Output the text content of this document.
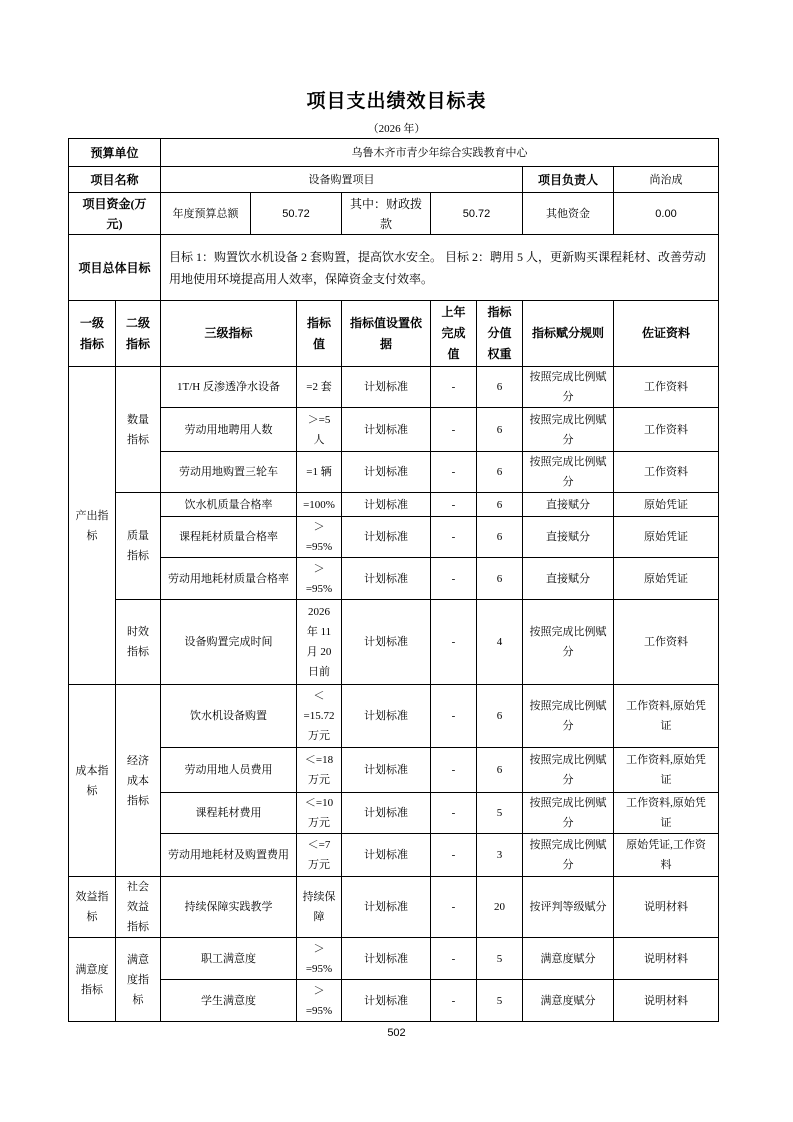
项目支出绩效目标表
（2026 年）
预算单位		乌鲁木齐市青少年综合实践教育中心							
项目名称		设备购置项目						项目负责人	尚治成
项目资金(万元)		年度预算总额	50.72		其中：财政拨款	50.72		其他资金	0.00
项目总体目标		目标 1：购置饮水机设备 2 套购置，提高饮水安全。 目标 2：聘用 5 人，更新购买课程耗材、改善劳动用地使用环境提高用人效率，保障资金支付效率。							
一级指标	二级指标	三级指标		指标值	指标值设置依据	上年完成值	指标分值权重	指标赋分规则	佐证资料
产出指标	数量指标	1T/H 反渗透净水设备		=2 套	计划标准	-	6	按照完成比例赋分	工作资料
		劳动用地聘用人数		＞=5 人	计划标准	-	6	按照完成比例赋分	工作资料
		劳动用地购置三轮车		=1 辆	计划标准	-	6	按照完成比例赋分	工作资料
	质量指标	饮水机质量合格率		=100%	计划标准	-	6	直接赋分	原始凭证
		课程耗材质量合格率		＞=95%	计划标准	-	6	直接赋分	原始凭证
		劳动用地耗材质量合格率		＞=95%	计划标准	-	6	直接赋分	原始凭证
	时效指标	设备购置完成时间		2026 年 11 月 20 日前	计划标准	-	4	按照完成比例赋分	工作资料
成本指标	经济成本指标	饮水机设备购置		＜=15.72 万元	计划标准	-	6	按照完成比例赋分	工作资料,原始凭证
		劳动用地人员费用		＜=18 万元	计划标准	-	6	按照完成比例赋分	工作资料,原始凭证
		课程耗材费用		＜=10 万元	计划标准	-	5	按照完成比例赋分	工作资料,原始凭证
		劳动用地耗材及购置费用		＜=7 万元	计划标准	-	3	按照完成比例赋分	原始凭证,工作资料
效益指标	社会效益指标	持续保障实践教学		持续保障	计划标准	-	20	按评判等级赋分	说明材料
满意度指标	满意度指标	职工满意度		＞=95%	计划标准	-	5	满意度赋分	说明材料
		学生满意度		＞=95%	计划标准	-	5	满意度赋分	说明材料
502
